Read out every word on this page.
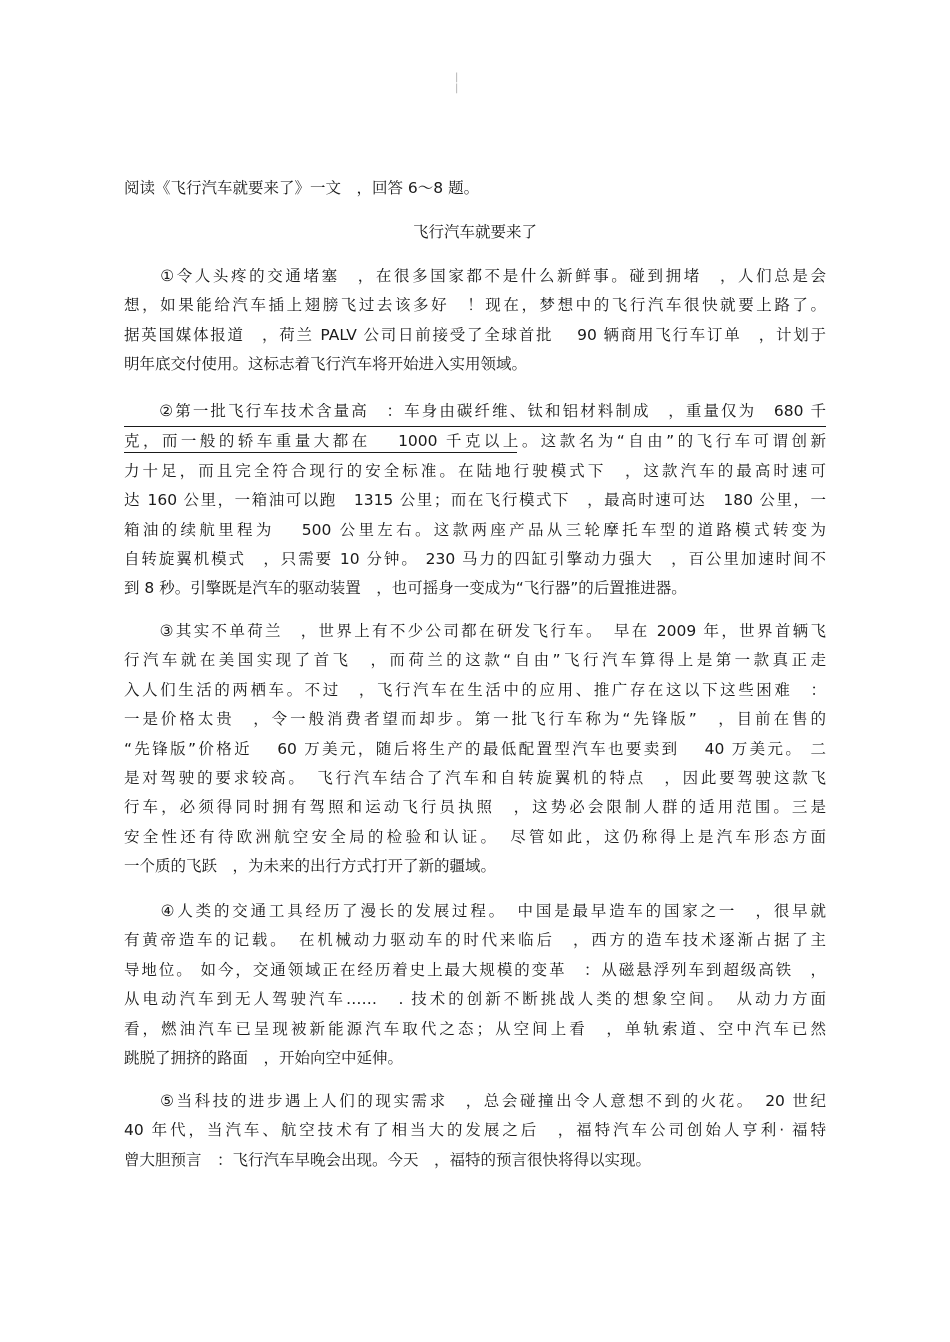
| |
阅读《飞行汽车就要来了》一文　，回答 6～8 题。
飞行汽车就要来了
　　①令人头疼的交通堵塞　，在很多国家都不是什么新鲜事。碰到拥堵　，人们总是会
想，如果能给汽车插上翅膀飞过去该多好　！现在，梦想中的飞行汽车很快就要上路了。
据英国媒体报道　，荷兰 PALV 公司日前接受了全球首批　 90 辆商用飞行车订单　，计划于
明年底交付使用。这标志着飞行汽车将开始进入实用领域。
　　②第一批飞行车技术含量高　：车身由碳纤维、钛和铝材料制成　，重量仅为　680 千
克，而一般的轿车重量大都在　 1000 千克以上。这款名为“自由”的飞行车可谓创新
力十足，而且完全符合现行的安全标准。在陆地行驶模式下　，这款汽车的最高时速可
达 160 公里，一箱油可以跑　1315 公里；而在飞行模式下　，最高时速可达　180 公里，一
箱油的续航里程为　 500 公里左右。这款两座产品从三轮摩托车型的道路模式转变为
自转旋翼机模式　，只需要 10 分钟。 230 马力的四缸引擎动力强大　，百公里加速时间不
到 8 秒。引擎既是汽车的驱动装置　，也可摇身一变成为“飞行器”的后置推进器。
　　③其实不单荷兰　，世界上有不少公司都在研发飞行车。　早在 2009 年，世界首辆飞
行汽车就在美国实现了首飞　，而荷兰的这款“自由”飞行汽车算得上是第一款真正走
入人们生活的两栖车。不过　，飞行汽车在生活中的应用、推广存在这以下这些困难　：
一是价格太贵　，令一般消费者望而却步。第一批飞行车称为“先锋版”　，目前在售的
“先锋版”价格近　 60 万美元，随后将生产的最低配置型汽车也要卖到　 40 万美元。 二
是对驾驶的要求较高。　飞行汽车结合了汽车和自转旋翼机的特点　，因此要驾驶这款飞
行车，必须得同时拥有驾照和运动飞行员执照　，这势必会限制人群的适用范围。三是
安全性还有待欧洲航空安全局的检验和认证。　尽管如此，这仍称得上是汽车形态方面
一个质的飞跃　，为未来的出行方式打开了新的疆域。
　　④人类的交通工具经历了漫长的发展过程。　中国是最早造车的国家之一　，很早就
有黄帝造车的记载。　在机械动力驱动车的时代来临后　，西方的造车技术逐渐占据了主
导地位。 如今，交通领域正在经历着史上最大规模的变革　：从磁悬浮列车到超级高铁　，
从电动汽车到无人驾驶汽车……　. 技术的创新不断挑战人类的想象空间。　从动力方面
看，燃油汽车已呈现被新能源汽车取代之态；从空间上看　，单轨索道、空中汽车已然
跳脱了拥挤的路面　，开始向空中延伸。
　　⑤当科技的进步遇上人们的现实需求　，总会碰撞出令人意想不到的火花。　20 世纪
40 年代，当汽车、航空技术有了相当大的发展之后　，福特汽车公司创始人亨利· 福特
曾大胆预言　：飞行汽车早晚会出现。今天　，福特的预言很快将得以实现。
